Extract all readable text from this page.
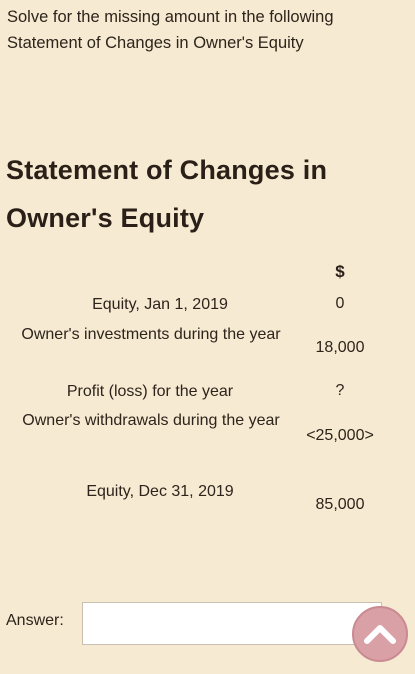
Solve for the missing amount in the following Statement of Changes in Owner's Equity
Statement of Changes in Owner's Equity
$
Equity, Jan 1, 2019	0
Owner's investments during the year
18,000
Profit (loss) for the year	?
Owner's withdrawals during the year
<25,000>
Equity, Dec 31, 2019
85,000
Answer:
